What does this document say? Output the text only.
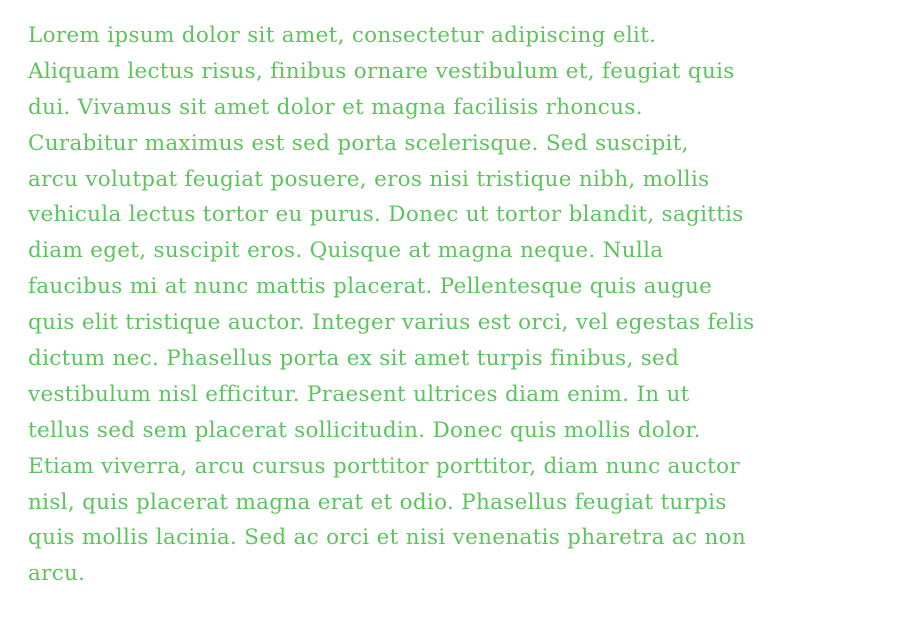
Lorem ipsum dolor sit amet, consectetur adipiscing elit.
Aliquam lectus risus, finibus ornare vestibulum et, feugiat quis
dui. Vivamus sit amet dolor et magna facilisis rhoncus.
Curabitur maximus est sed porta scelerisque. Sed suscipit,
arcu volutpat feugiat posuere, eros nisi tristique nibh, mollis
vehicula lectus tortor eu purus. Donec ut tortor blandit, sagittis
diam eget, suscipit eros. Quisque at magna neque. Nulla
faucibus mi at nunc mattis placerat. Pellentesque quis augue
quis elit tristique auctor. Integer varius est orci, vel egestas felis
dictum nec. Phasellus porta ex sit amet turpis finibus, sed
vestibulum nisl efficitur. Praesent ultrices diam enim. In ut
tellus sed sem placerat sollicitudin. Donec quis mollis dolor.
Etiam viverra, arcu cursus porttitor porttitor, diam nunc auctor
nisl, quis placerat magna erat et odio. Phasellus feugiat turpis
quis mollis lacinia. Sed ac orci et nisi venenatis pharetra ac non
arcu.
